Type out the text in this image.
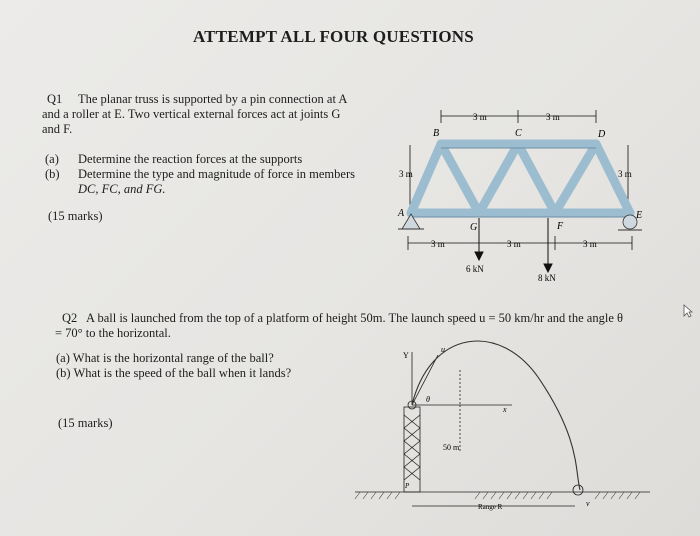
ATTEMPT ALL FOUR QUESTIONS
Q1 The planar truss is supported by a pin connection at A
and a roller at E. Two vertical external forces act at joints G
and F.
(a) Determine the reaction forces at the supports
(b) Determine the type and magnitude of force in members
DC, FC, and FG.
(15 marks)
B	C	D
A	E
F
G
3 m	3 m
3 m	3 m
3 m	3 m	3 m
6 kN
8 kN
Q2 A ball is launched from the top of a platform of height 50m. The launch speed u = 50 km/hr and the angle θ
= 70° to the horizontal.
(a) What is the horizontal range of the ball?
(b) What is the speed of the ball when it lands?
(15 marks)
Y
x
u
θ
50 m
Range R	v
P
